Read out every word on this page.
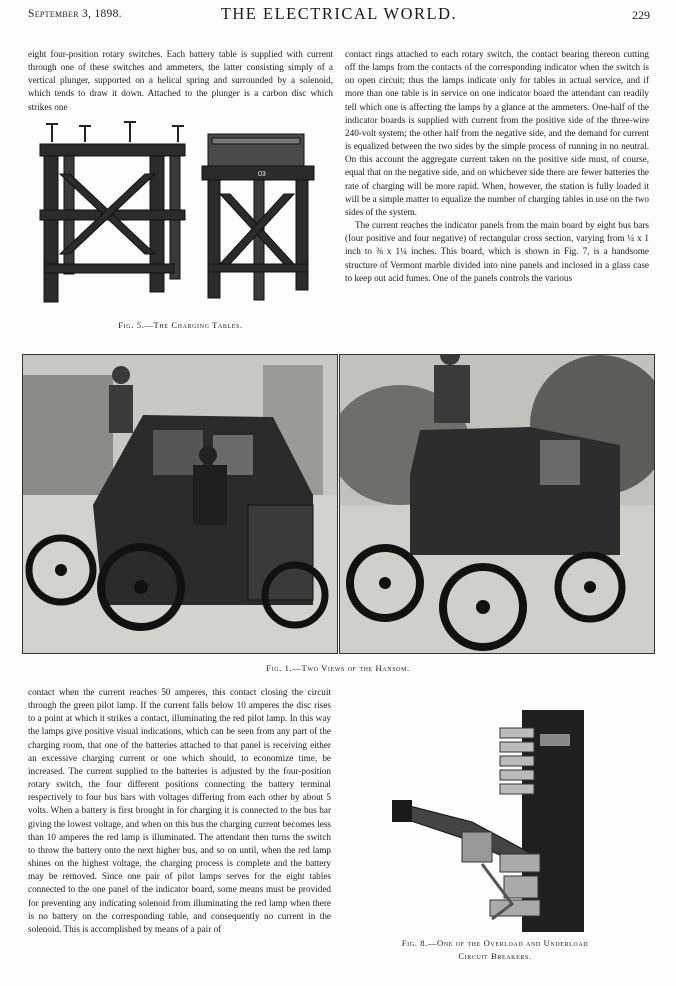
September 3, 1898.	THE ELECTRICAL WORLD.	229

eight four-position rotary switches. Each battery table is supplied with current through one of these switches and ammeters, the latter consisting simply of a vertical plunger, supported on a helical spring and surrounded by a solenoid, which tends to draw it down. Attached to the plunger is a carbon disc which strikes one

03
Fig. 5.—The Charging Tables.

contact rings attached to each rotary switch, the contact bearing thereon cutting off the lamps from the contacts of the corresponding indicator when the switch is on open circuit; thus the lamps indicate only for tables in actual service, and if more than one table is in service on one indicator board the attendant can readily tell which one is affecting the lamps by a glance at the ammeters. One-half of the indicator boards is supplied with current from the positive side of the three-wire 240-volt system; the other half from the negative side, and the demand for current is equalized between the two sides by the simple process of running in no neutral. On this account the aggregate current taken on the positive side must, of course, equal that on the negative side, and on whichever side there are fewer batteries the rate of charging will be more rapid. When, however, the station is fully loaded it will be a simple matter to equalize the number of charging tables in use on the two sides of the system.

The current reaches the indicator panels from the main board by eight bus bars (four positive and four negative) of rectangular cross section, varying from ¼ x 1 inch to ⅜ x 1¼ inches. This board, which is shown in Fig. 7, is a handsome structure of Vermont marble divided into nine panels and inclosed in a glass case to keep out acid fumes. One of the panels controls the various

Fig. 1.—Two Views of the Hansom.

contact when the current reaches 50 amperes, this contact closing the circuit through the green pilot lamp. If the current falls below 10 amperes the disc rises to a point at which it strikes a contact, illuminating the red pilot lamp. In this way the lamps give positive visual indications, which can be seen from any part of the charging room, that one of the batteries attached to that panel is receiving either an excessive charging current or one which should, to economize time, be increased. The current supplied to the batteries is adjusted by the four-position rotary switch, the four different positions connecting the battery terminal respectively to four bus bars with voltages differing from each other by about 5 volts. When a battery is first brought in for charging it is connected to the bus bar giving the lowest voltage, and when on this bus the charging current becomes less than 10 amperes the red lamp is illuminated. The attendant then turns the switch to throw the battery onto the next higher bus, and so on until, when the red lamp shines on the highest voltage, the charging process is complete and the battery may be removed. Since one pair of pilot lamps serves for the eight tables connected to the one panel of the indicator board, some means must be provided for preventing any indicating solenoid from illuminating the red lamp when there is no battery on the corresponding table, and consequently no current in the solenoid. This is accomplished by means of a pair of

Fig. 8.—One of the Overload and Underload
Circuit Breakers.
